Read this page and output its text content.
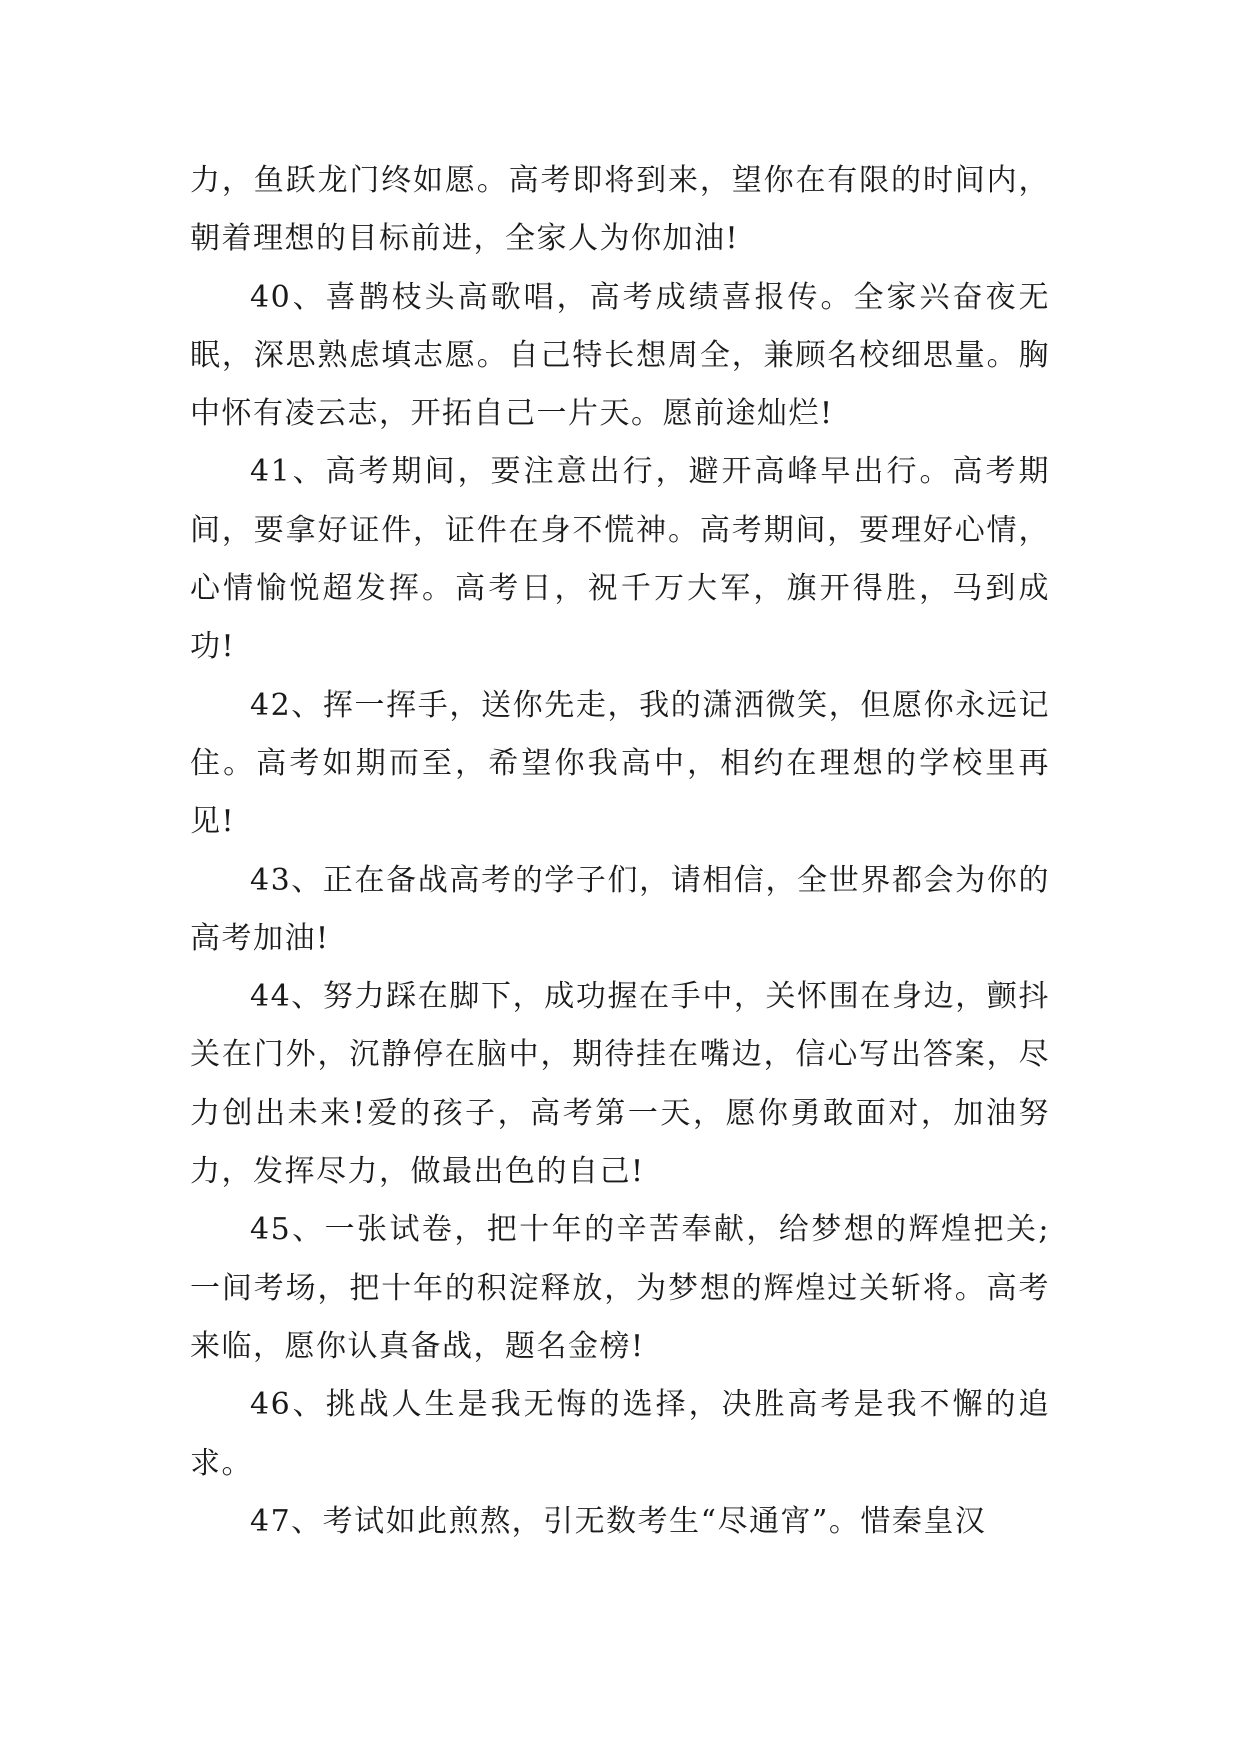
力，鱼跃龙门终如愿。高考即将到来，望你在有限的时间内，朝着理想的目标前进，全家人为你加油!

40、喜鹊枝头高歌唱，高考成绩喜报传。全家兴奋夜无眠，深思熟虑填志愿。自己特长想周全，兼顾名校细思量。胸中怀有凌云志，开拓自己一片天。愿前途灿烂!

41、高考期间，要注意出行，避开高峰早出行。高考期间，要拿好证件，证件在身不慌神。高考期间，要理好心情，心情愉悦超发挥。高考日，祝千万大军，旗开得胜，马到成功!

42、挥一挥手，送你先走，我的潇洒微笑，但愿你永远记住。高考如期而至，希望你我高中，相约在理想的学校里再见!

43、正在备战高考的学子们，请相信，全世界都会为你的高考加油!

44、努力踩在脚下，成功握在手中，关怀围在身边，颤抖关在门外，沉静停在脑中，期待挂在嘴边，信心写出答案，尽力创出未来!爱的孩子，高考第一天，愿你勇敢面对，加油努力，发挥尽力，做最出色的自己!

45、一张试卷，把十年的辛苦奉献，给梦想的辉煌把关;一间考场，把十年的积淀释放，为梦想的辉煌过关斩将。高考来临，愿你认真备战，题名金榜!

46、挑战人生是我无悔的选择，决胜高考是我不懈的追求。

47、考试如此煎熬，引无数考生“尽通宵”。惜秦皇汉
